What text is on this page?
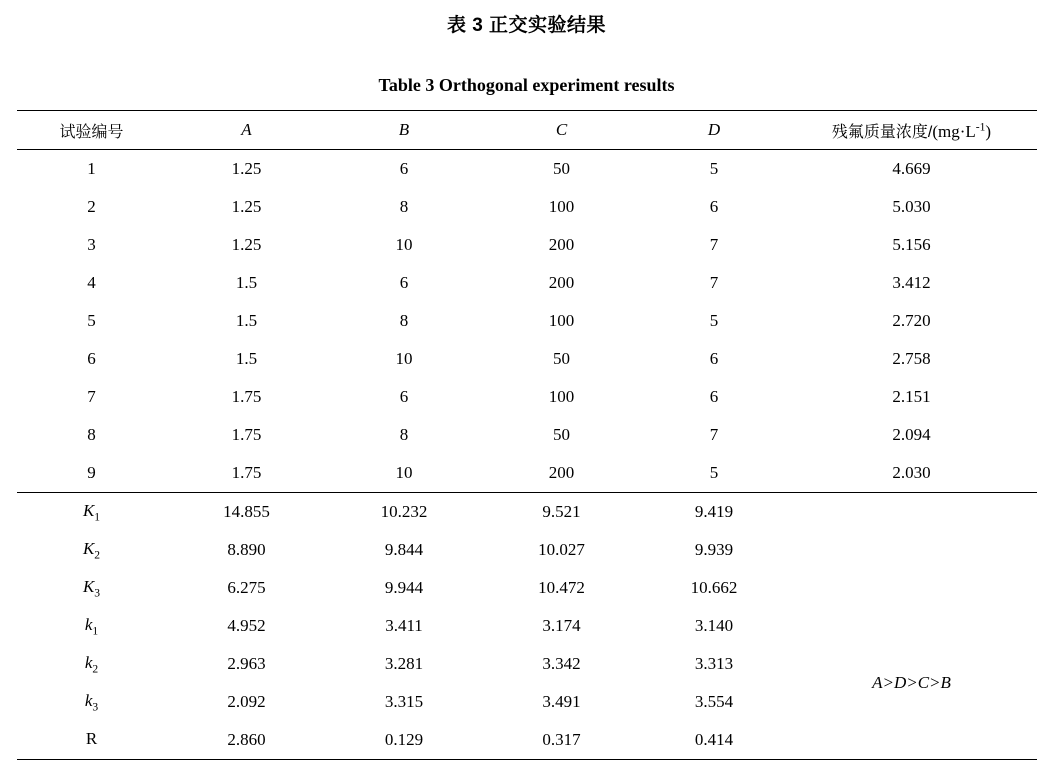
表 3 正交实验结果
Table 3 Orthogonal experiment results
试验编号	A	B	C	D	残氟质量浓度$/(mg\cdot L^{-1})$
1	1.25	6	50	5	4.669
2	1.25	8	100	6	5.030
3	1.25	10	200	7	5.156
4	1.5	6	200	7	3.412
5	1.5	8	100	5	2.720
6	1.5	10	50	6	2.758
7	1.75	6	100	6	2.151
8	1.75	8	50	7	2.094
9	1.75	10	200	5	2.030
$K_1$	14.855	10.232	9.521	9.419	
$K_2$	8.890	9.844	10.027	9.939	
$K_3$	6.275	9.944	10.472	10.662	
$k_1$	4.952	3.411	3.174	3.140	
$k_2$	2.963	3.281	3.342	3.313	A>D>C>B
$k_3$	2.092	3.315	3.491	3.554	
R	2.860	0.129	0.317	0.414	
